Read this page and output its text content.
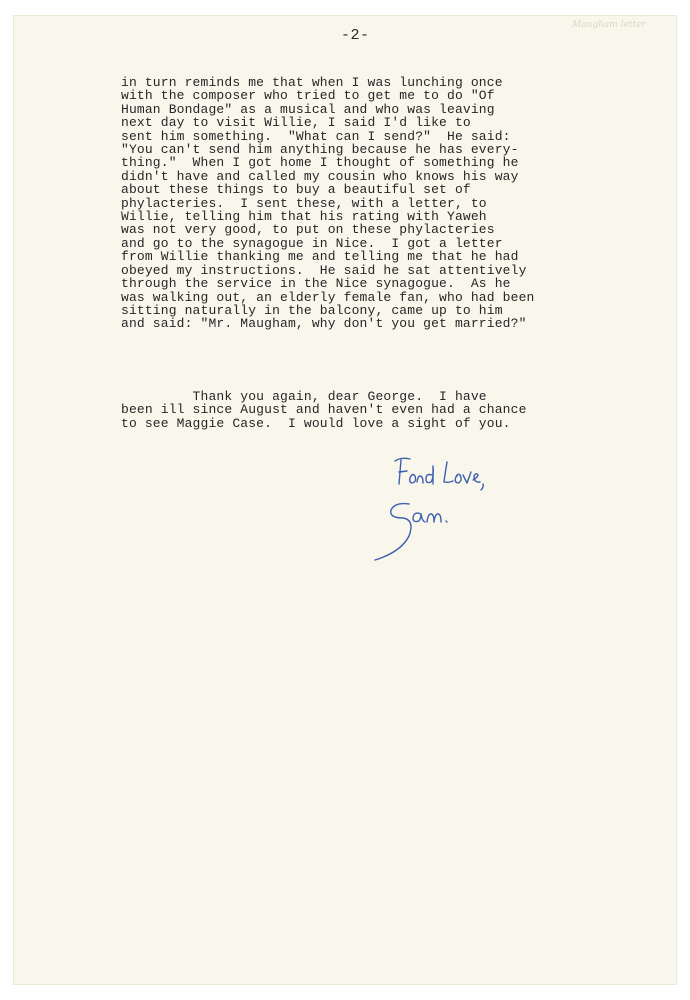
Maugham letter
-2-
in turn reminds me that when I was lunching once
with the composer who tried to get me to do "Of
Human Bondage" as a musical and who was leaving
next day to visit Willie, I said I'd like to
sent him something.  "What can I send?"  He said:
"You can't send him anything because he has every-
thing."  When I got home I thought of something he
didn't have and called my cousin who knows his way
about these things to buy a beautiful set of
phylacteries.  I sent these, with a letter, to
Willie, telling him that his rating with Yaweh
was not very good, to put on these phylacteries
and go to the synagogue in Nice.  I got a letter
from Willie thanking me and telling me that he had
obeyed my instructions.  He said he sat attentively
through the service in the Nice synagogue.  As he
was walking out, an elderly female fan, who had been
sitting naturally in the balcony, came up to him
and said: "Mr. Maugham, why don't you get married?"
Thank you again, dear George.  I have
been ill since August and haven't even had a chance
to see Maggie Case.  I would love a sight of you.
